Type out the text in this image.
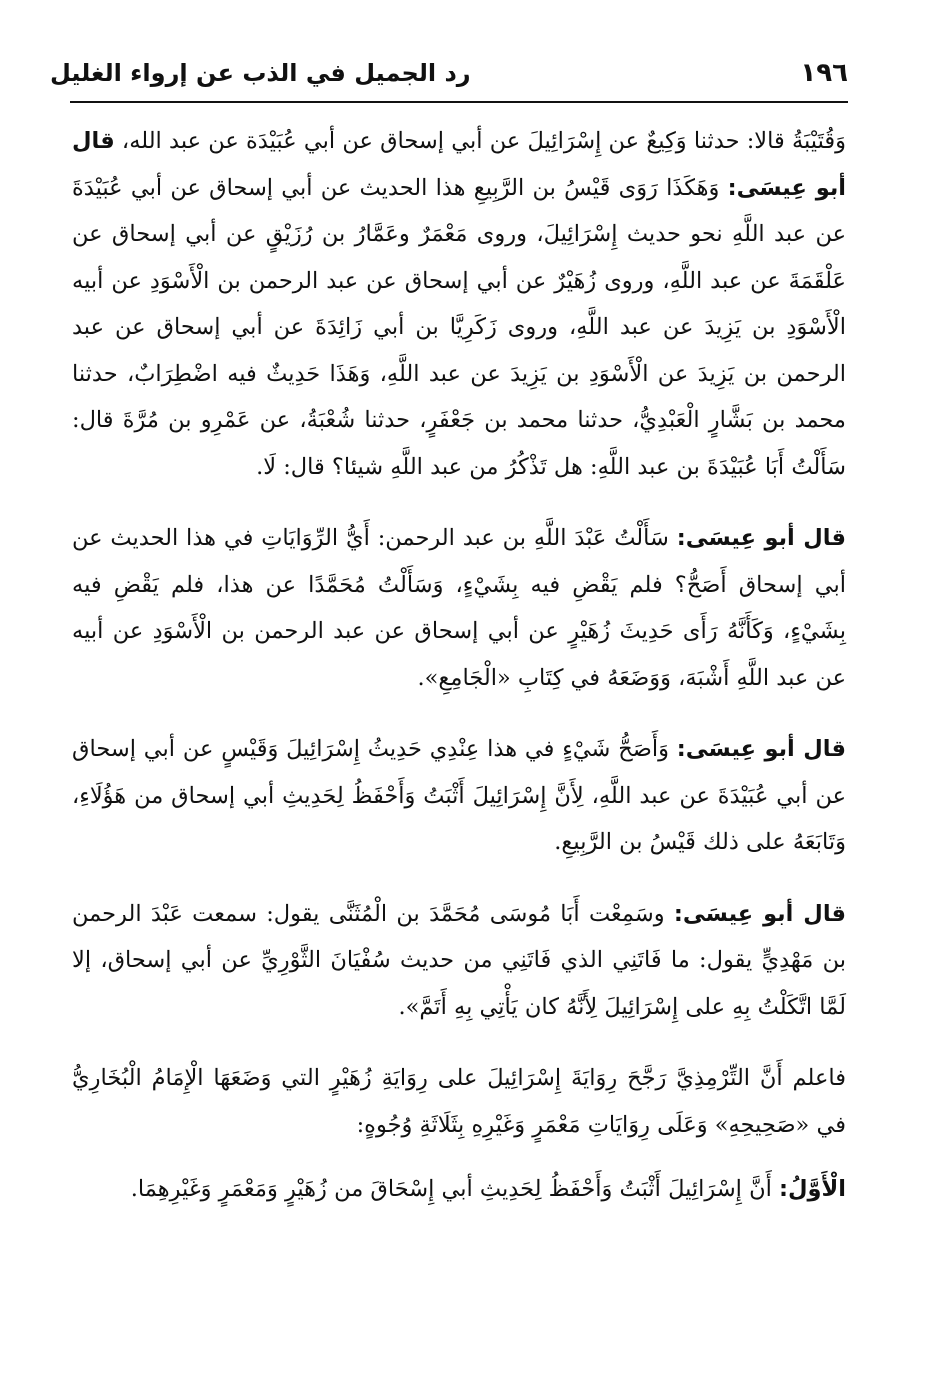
رد الجميل في الذب عن إرواء الغليل	١٩٦

وَقُتَيْبَةُ قالا: حدثنا وَكِيعٌ عن إِسْرَائِيلَ عن أبي إسحاق عن أبي عُبَيْدَة عن عبد الله، قال أبو عِيسَى: وَهَكَذَا رَوَى قَيْسُ بن الرَّبِيعِ هذا الحديث عن أبي إسحاق عن أبي عُبَيْدَةَ عن عبد اللَّهِ نحو حديث إِسْرَائِيلَ، وروى مَعْمَرٌ وعَمَّارُ بن رُزَيْقٍ عن أبي إسحاق عن عَلْقَمَةَ عن عبد اللَّهِ، وروى زُهَيْرٌ عن أبي إسحاق عن عبد الرحمن بن الْأَسْوَدِ عن أبيه الْأَسْوَدِ بن يَزِيدَ عن عبد اللَّهِ، وروى زَكَرِيَّا بن أبي زَائِدَةَ عن أبي إسحاق عن عبد الرحمن بن يَزِيدَ عن الْأَسْوَدِ بن يَزِيدَ عن عبد اللَّهِ، وَهَذَا حَدِيثٌ فيه اضْطِرَابٌ، حدثنا محمد بن بَشَّارٍ الْعَبْدِيُّ، حدثنا محمد بن جَعْفَرٍ، حدثنا شُعْبَةُ، عن عَمْرِو بن مُرَّةَ قال: سَأَلْتُ أَبَا عُبَيْدَةَ بن عبد اللَّهِ: هل تَذْكُرُ من عبد اللَّهِ شيئا؟ قال: لَا.

قال أبو عِيسَى: سَأَلْتُ عَبْدَ اللَّهِ بن عبد الرحمن: أَيُّ الرِّوَايَاتِ في هذا الحديث عن أبي إسحاق أَصَحُّ؟ فلم يَقْضِ فيه بِشَيْءٍ، وَسَأَلْتُ مُحَمَّدًا عن هذا، فلم يَقْضِ فيه بِشَيْءٍ، وَكَأَنَّهُ رَأَى حَدِيثَ زُهَيْرٍ عن أبي إسحاق عن عبد الرحمن بن الْأَسْوَدِ عن أبيه عن عبد اللَّهِ أَشْبَهَ، وَوَضَعَهُ في كِتَابِ «الْجَامِعِ».

قال أبو عِيسَى: وَأَصَحُّ شَيْءٍ في هذا عِنْدِي حَدِيثُ إِسْرَائِيلَ وَقَيْسٍ عن أبي إسحاق عن أبي عُبَيْدَةَ عن عبد اللَّهِ، لِأَنَّ إِسْرَائِيلَ أَثْبَتُ وَأَحْفَظُ لِحَدِيثِ أبي إسحاق من هَؤُلَاءِ، وَتَابَعَهُ على ذلك قَيْسُ بن الرَّبِيعِ.

قال أبو عِيسَى: وسَمِعْت أَبَا مُوسَى مُحَمَّدَ بن الْمُثَنَّى يقول: سمعت عَبْدَ الرحمن بن مَهْدِيٍّ يقول: ما فَاتَنِي الذي فَاتَنِي من حديث سُفْيَانَ الثَّوْرِيِّ عن أبي إسحاق، إلا لَمَّا اتَّكَلْتُ بِهِ على إِسْرَائِيلَ لِأَنَّهُ كان يَأْتِي بِهِ أَتَمَّ».

فاعلم أَنَّ التِّرْمِذِيَّ رَجَّحَ رِوَايَةَ إِسْرَائِيلَ على رِوَايَةِ زُهَيْرٍ التي وَضَعَهَا الْإِمَامُ الْبُخَارِيُّ في «صَحِيحِهِ» وَعَلَى رِوَايَاتِ مَعْمَرٍ وَغَيْرِهِ بِثَلَاثَةِ وُجُوهٍ:

الْأَوَّلُ: أَنَّ إِسْرَائِيلَ أَثْبَتُ وَأَحْفَظُ لِحَدِيثِ أبي إِسْحَاقَ من زُهَيْرٍ وَمَعْمَرٍ وَغَيْرِهِمَا.
